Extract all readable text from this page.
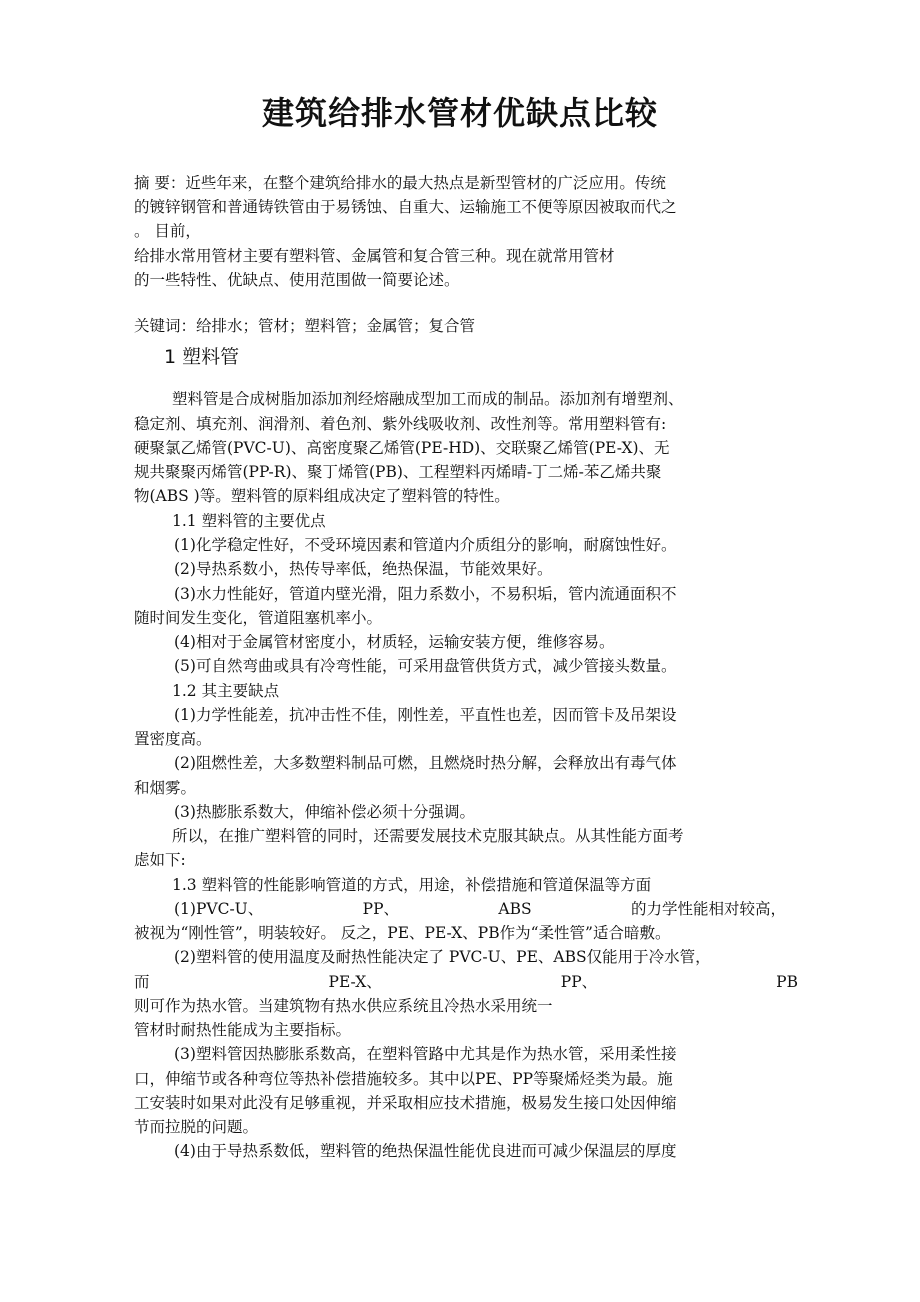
建筑给排水管材优缺点比较
摘 要：近些年来，在整个建筑给排水的最大热点是新型管材的广泛应用。传统
的镀锌钢管和普通铸铁管由于易锈蚀、自重大、运输施工不便等原因被取而代之
。 目前，
给排水常用管材主要有塑料管、金属管和复合管三种。现在就常用管材
的一些特性、优缺点、使用范围做一简要论述。
关键词：给排水；管材；塑料管；金属管；复合管
1 塑料管
塑料管是合成树脂加添加剂经熔融成型加工而成的制品。添加剂有增塑剂、
稳定剂、填充剂、润滑剂、着色剂、紫外线吸收剂、改性剂等。常用塑料管有:
硬聚氯乙烯管(PVC-U)、高密度聚乙烯管(PE-HD)、交联聚乙烯管(PE-X)、无
规共聚聚丙烯管(PP-R)、聚丁烯管(PB)、工程塑料丙烯晴-丁二烯-苯乙烯共聚
物(ABS )等。塑料管的原料组成决定了塑料管的特性。
1.1 塑料管的主要优点
(1)化学稳定性好，不受环境因素和管道内介质组分的影响，耐腐蚀性好。
(2)导热系数小，热传导率低，绝热保温，节能效果好。
(3)水力性能好，管道内壁光滑，阻力系数小，不易积垢，管内流通面积不
随时间发生变化，管道阻塞机率小。
(4)相对于金属管材密度小，材质轻，运输安装方便，维修容易。
(5)可自然弯曲或具有冷弯性能，可采用盘管供货方式，减少管接头数量。
1.2 其主要缺点
(1)力学性能差，抗冲击性不佳，刚性差，平直性也差，因而管卡及吊架设
置密度高。
(2)阻燃性差，大多数塑料制品可燃，且燃烧时热分解，会释放出有毒气体
和烟雾。
(3)热膨胀系数大，伸缩补偿必须十分强调。
所以，在推广塑料管的同时，还需要发展技术克服其缺点。从其性能方面考
虑如下:
1.3 塑料管的性能影响管道的方式，用途，补偿措施和管道保温等方面
(1)PVC-U、	PP、	ABS	的力学性能相对较高，
被视为“刚性管”，明装较好。 反之，PE、PE-X、PB作为“柔性管”适合暗敷。
(2)塑料管的使用温度及耐热性能决定了 PVC-U、PE、ABS仅能用于冷水管，
而	PE-X、	PP、	PB
则可作为热水管。当建筑物有热水供应系统且冷热水采用统一
管材时耐热性能成为主要指标。
(3)塑料管因热膨胀系数高，在塑料管路中尤其是作为热水管，采用柔性接
口，伸缩节或各种弯位等热补偿措施较多。其中以PE、PP等聚烯烃类为最。施
工安装时如果对此没有足够重视，并采取相应技术措施，极易发生接口处因伸缩
节而拉脱的问题。
(4)由于导热系数低，塑料管的绝热保温性能优良进而可减少保温层的厚度
